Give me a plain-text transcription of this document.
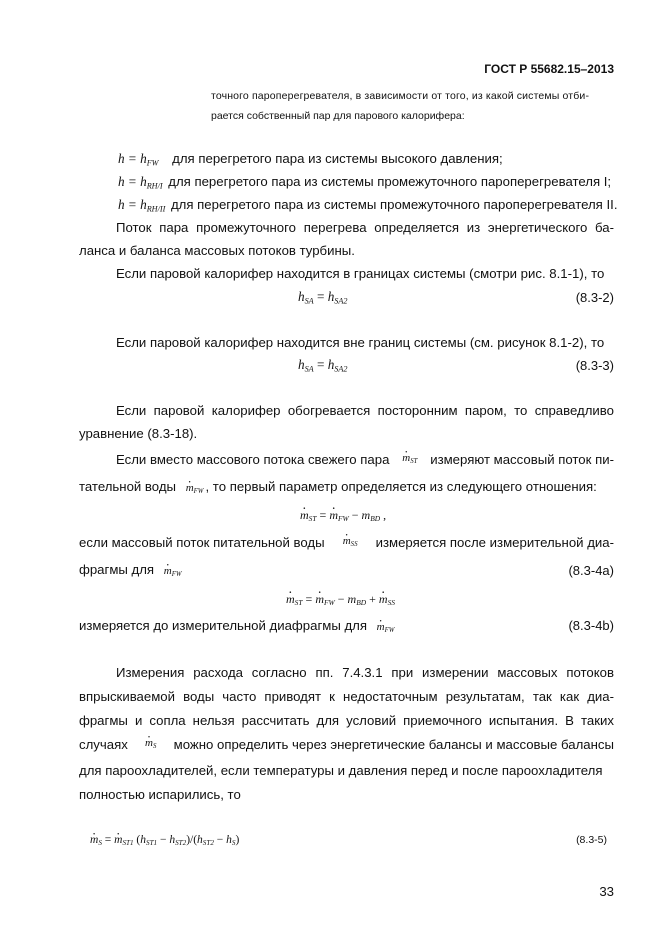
ГОСТ Р 55682.15–2013
точного пароперегревателя, в зависимости от того, из какой системы отби-
рается собственный пар для парового калорифера:
$h = h_{FW}$ для перегретого пара из системы высокого давления;
$h = h_{RH/I}$ для перегретого пара из системы промежуточного пароперегревателя I;
$h = h_{RH/II}$ для перегретого пара из системы промежуточного пароперегревателя II.
Поток пара промежуточного перегрева определяется из энергетического ба-
ланса и баланса массовых потоков турбины.
Если паровой калорифер находится в границах системы (смотри рис. 8.1-1), то
$h_{SA} = h_{SA2}$	(8.3-2)
Если паровой калорифер находится вне границ системы (см. рисунок 8.1-2), то
$h_{SA} = h_{SA2}$	(8.3-3)
Если паровой калорифер обогревается посторонним паром, то справедливо
уравнение (8.3-18).
Если вместо массового потока свежего пара · $m_{ST}$ измеряют массовый поток пи-
тательной воды · $m_{FW}$ , то первый параметр определяется из следующего отношения:
· $m_{ST}$ = · $m_{FW} - m_{BD}$ ,
если массовый поток питательной воды · $m_{SS}$ измеряется после измерительной диа-
фрагмы для · $m_{FW}$	(8.3-4a)
· $m_{ST}$ = · $m_{FW} - m_{BD}$ + · $m_{SS}$
измеряется до измерительной диафрагмы для · $m_{FW}$	(8.3-4b)
Измерения расхода согласно пп. 7.4.3.1 при измерении массовых потоков
впрыскиваемой воды часто приводят к недостаточным результатам, так как диа-
фрагмы и сопла нельзя рассчитать для условий приемочного испытания. В таких
случаях · $m_S$ можно определить через энергетические балансы и массовые балансы
для пароохладителей, если температуры и давления перед и после пароохладителя
полностью испарились, то
· $m_S$ = · $m_{ST1}$ $(h_{ST1} - h_{ST2})/(h_{ST2} - h_S)$	(8.3-5)
33
